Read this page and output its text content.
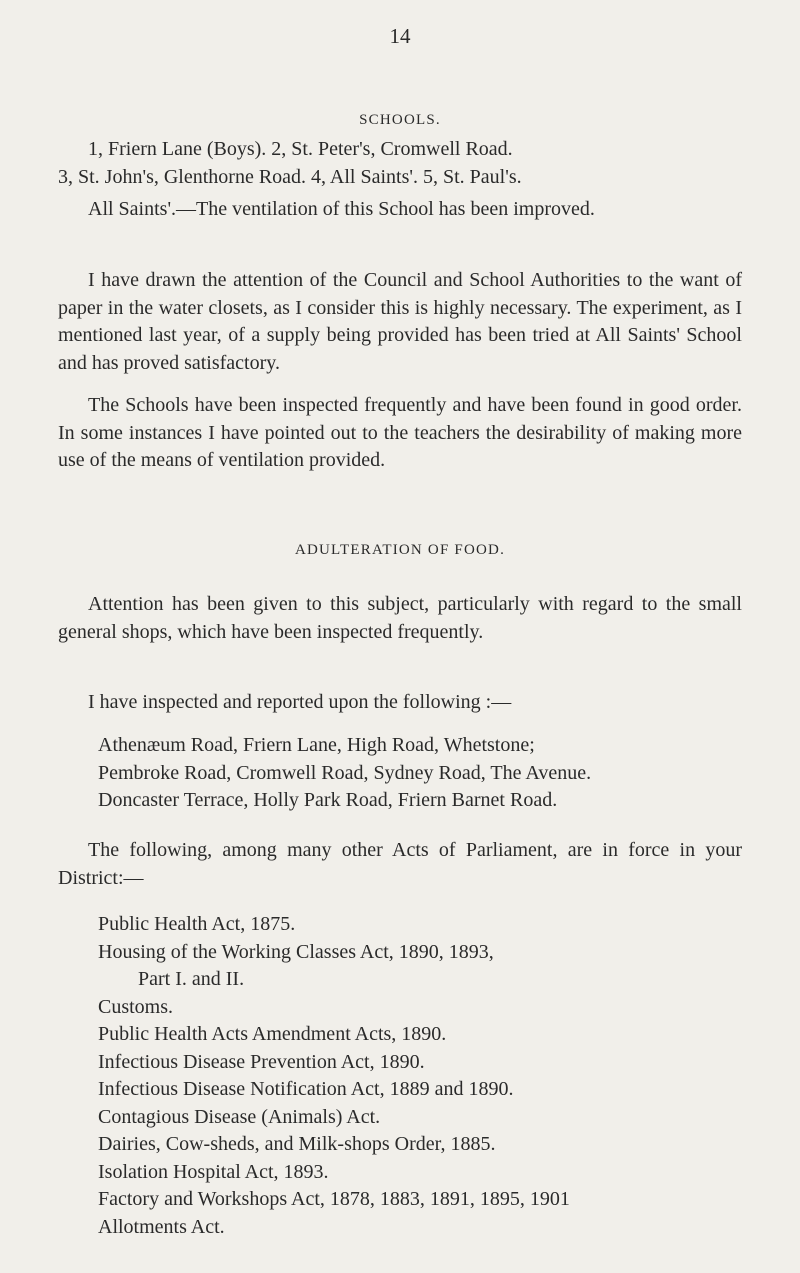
14
SCHOOLS.

1, Friern Lane (Boys). 2, St. Peter's, Cromwell Road.

3, St. John's, Glenthorne Road. 4, All Saints'. 5, St. Paul's.

All Saints'.—The ventilation of this School has been improved.
I have drawn the attention of the Council and School Authorities to the want of paper in the water closets, as I consider this is highly necessary. The experiment, as I mentioned last year, of a supply being provided has been tried at All Saints' School and has proved satisfactory.
The Schools have been inspected frequently and have been found in good order. In some instances I have pointed out to the teachers the desirability of making more use of the means of ventilation provided.
ADULTERATION OF FOOD.
Attention has been given to this subject, particularly with regard to the small general shops, which have been inspected frequently.
I have inspected and reported upon the following :—
Athenæum Road, Friern Lane, High Road, Whetstone;
Pembroke Road, Cromwell Road, Sydney Road, The Avenue.
Doncaster Terrace, Holly Park Road, Friern Barnet Road.
The following, among many other Acts of Parliament, are in force in your District:—
Public Health Act, 1875.
Housing of the Working Classes Act, 1890, 1893,
Part I. and II.
Customs.
Public Health Acts Amendment Acts, 1890.
Infectious Disease Prevention Act, 1890.
Infectious Disease Notification Act, 1889 and 1890.
Contagious Disease (Animals) Act.
Dairies, Cow-sheds, and Milk-shops Order, 1885.
Isolation Hospital Act, 1893.
Factory and Workshops Act, 1878, 1883, 1891, 1895, 1901
Allotments Act.
